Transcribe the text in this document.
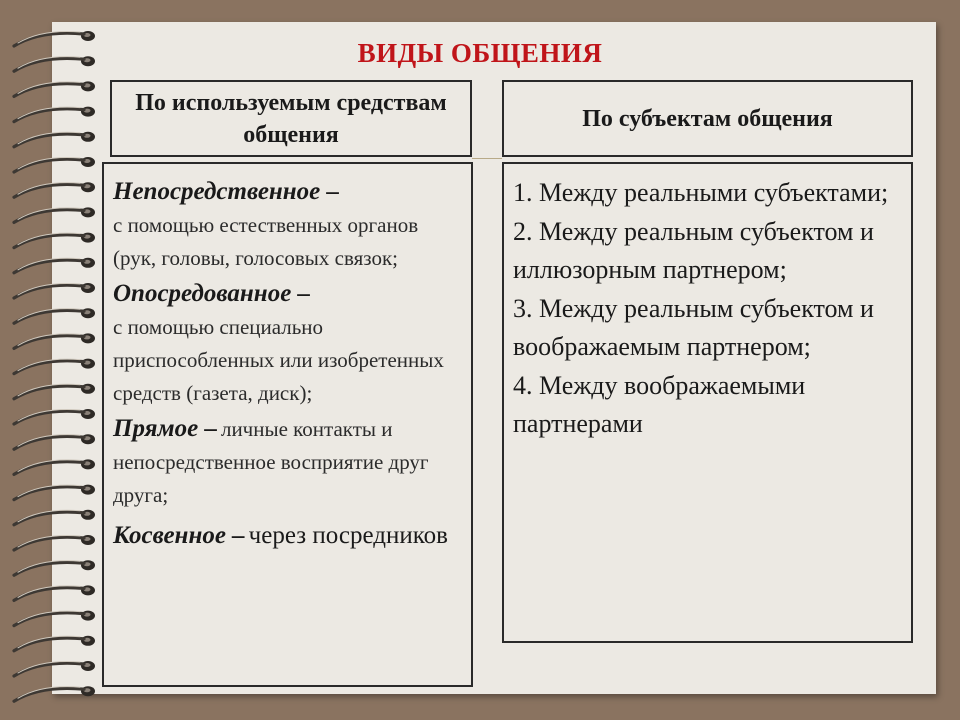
ВИДЫ ОБЩЕНИЯ
По используемым средствам общения
По субъектам общения
Непосредственное –
с помощью естественных органов (рук, головы, голосовых связок;
Опосредованное –
с помощью специально приспособленных или изобретенных средств (газета, диск);
Прямое – личные контакты и непосредственное восприятие друг друга;
Косвенное – через посредников
1. Между реальными субъектами;
2. Между реальным субъектом и иллюзорным партнером;
3. Между реальным субъектом и воображаемым партнером;
4. Между воображаемыми партнерами
